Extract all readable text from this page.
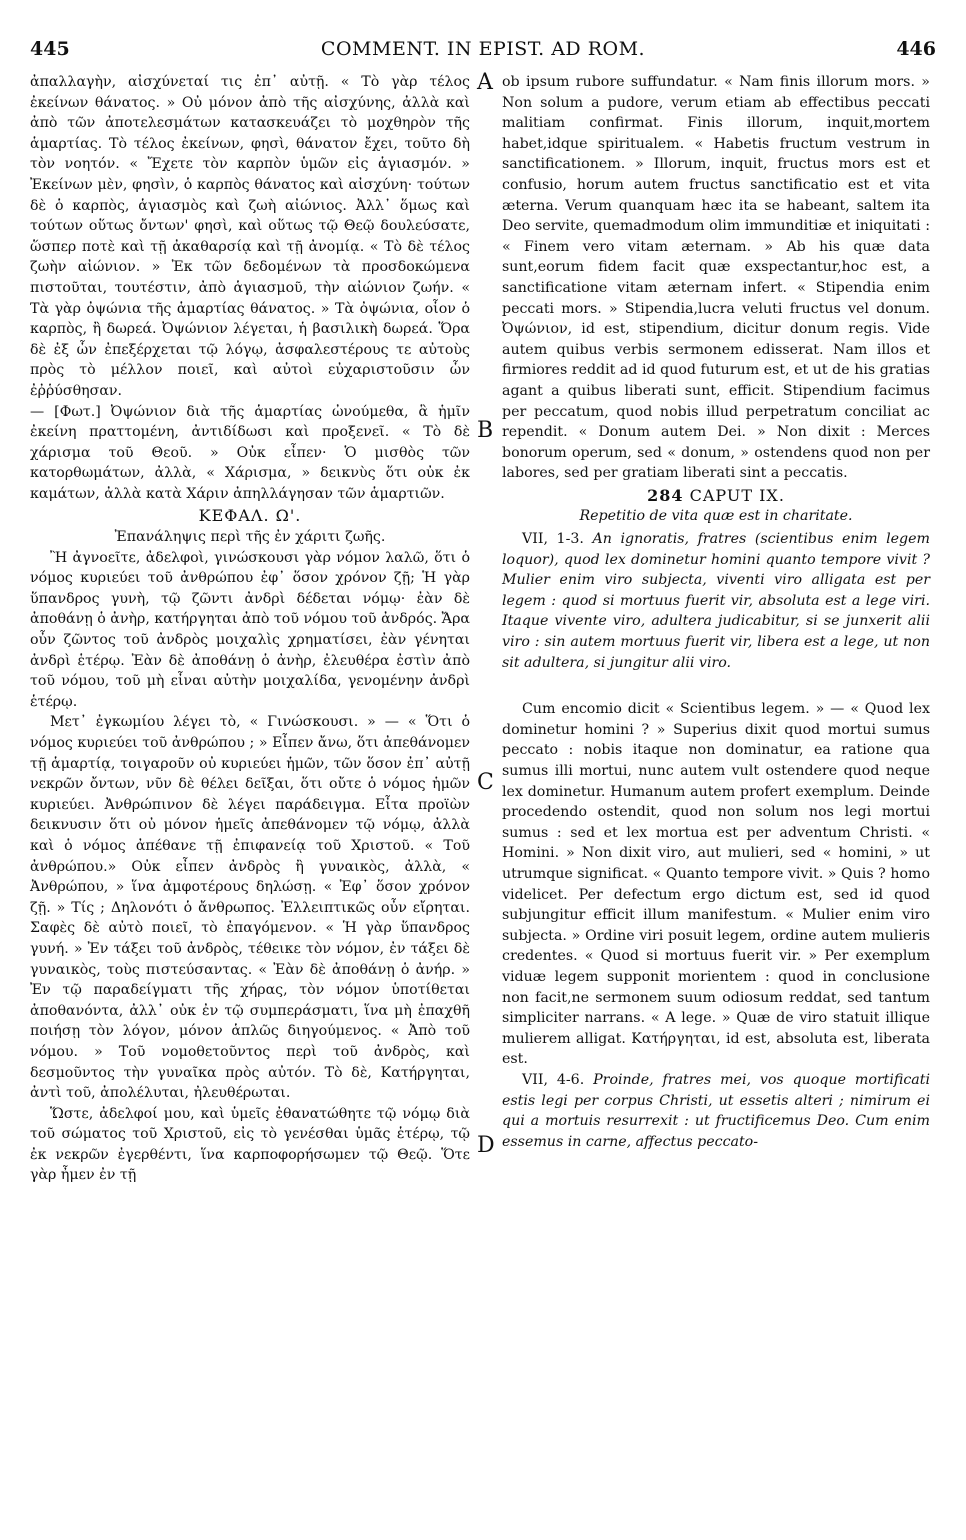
445	COMMENT. IN EPIST. AD ROM.	446
A
B
C
D

ἀπαλλαγὴν, αἰσχύνεταί τις ἐπ᾽ αὐτῇ. « Τὸ γὰρ τέλος ἐκείνων θάνατος. » Οὐ μόνον ἀπὸ τῆς αἰσχύνης, ἀλλὰ καὶ ἀπὸ τῶν ἀποτελεσμάτων κατασκευάζει τὸ μοχθηρὸν τῆς ἁμαρτίας. Τὸ τέλος ἐκείνων, φησὶ, θάνατον ἔχει, τοῦτο δὴ τὸν νοητόν. « Ἔχετε τὸν καρπὸν ὑμῶν εἰς ἁγιασμόν. » Ἐκείνων μὲν, φησὶν, ὁ καρπὸς θάνατος καὶ αἰσχύνη· τούτων δὲ ὁ καρπὸς, ἁγιασμὸς καὶ ζωὴ αἰώνιος. Ἀλλ᾽ ὅμως καὶ τούτων οὕτως ὄντων' φησὶ, καὶ οὕτως τῷ Θεῷ δουλεύσατε, ὥσπερ ποτὲ καὶ τῇ ἀκαθαρσίᾳ καὶ τῇ ἀνομίᾳ. « Τὸ δὲ τέλος ζωὴν αἰώνιον. » Ἐκ τῶν δεδομένων τὰ προσδοκώμενα πιστοῦται, τουτέστιν, ἀπὸ ἁγιασμοῦ, τὴν αἰώνιον ζωήν. « Τὰ γὰρ ὀψώνια τῆς ἁμαρτίας θάνατος. » Τὰ ὀψώνια, οἷον ὁ καρπὸς, ἢ δωρεά. Ὀψώνιον λέγεται, ἡ βασιλικὴ δωρεά. Ὅρα δὲ ἐξ ὧν ἐπεξέρχεται τῷ λόγῳ, ἀσφαλεστέρους τε αὐτοὺς πρὸς τὸ μέλλον ποιεῖ, καὶ αὐτοὶ εὐχαριστοῦσιν ὧν ἐῤῥύσθησαν.

— [Φωτ.] Ὀψώνιον διὰ τῆς ἁμαρτίας ὠνούμεθα, ἃ ἡμῖν ἐκείνη πραττομένη, ἀντιδίδωσι καὶ προξενεῖ. « Τὸ δὲ χάρισμα τοῦ Θεοῦ. » Οὐκ εἶπεν· Ὁ μισθὸς τῶν κατορθωμάτων, ἀλλὰ, « Χάρισμα, » δεικνὺς ὅτι οὐκ ἐκ καμάτων, ἀλλὰ κατὰ Χάριν ἀπηλλάγησαν τῶν ἁμαρτιῶν.

ΚΕΦΑΛ. Ω'.
Ἐπανάληψις περὶ τῆς ἐν χάριτι ζωῆς.

Ἢ ἀγνοεῖτε, ἀδελφοὶ, γινώσκουσι γὰρ νόμον λαλῶ, ὅτι ὁ νόμος κυριεύει τοῦ ἀνθρώπου ἐφ᾽ ὅσον χρόνον ζῇ; Ἡ γὰρ ὕπανδρος γυνὴ, τῷ ζῶντι ἀνδρὶ δέδεται νόμῳ· ἐὰν δὲ ἀποθάνῃ ὁ ἀνὴρ, κατήργηται ἀπὸ τοῦ νόμου τοῦ ἀνδρός. Ἄρα οὖν ζῶντος τοῦ ἀνδρὸς μοιχαλὶς χρηματίσει, ἐὰν γένηται ἀνδρὶ ἑτέρῳ. Ἐὰν δὲ ἀποθάνῃ ὁ ἀνὴρ, ἐλευθέρα ἐστὶν ἀπὸ τοῦ νόμου, τοῦ μὴ εἶναι αὐτὴν μοιχαλίδα, γενομένην ἀνδρὶ ἑτέρῳ.

Μετ᾽ ἐγκωμίου λέγει τὸ, « Γινώσκουσι. » — « Ὅτι ὁ νόμος κυριεύει τοῦ ἀνθρώπου ; » Εἶπεν ἄνω, ὅτι ἀπεθάνομεν τῇ ἁμαρτίᾳ, τοιγαροῦν οὐ κυριεύει ἡμῶν, τῶν ὅσον ἐπ᾽ αὐτῇ νεκρῶν ὄντων, νῦν δὲ θέλει δεῖξαι, ὅτι οὔτε ὁ νόμος ἡμῶν κυριεύει. Ἀνθρώπινον δὲ λέγει παράδειγμα. Εἶτα προϊὼν δεικνυσιν ὅτι οὐ μόνον ἡμεῖς ἀπεθάνομεν τῷ νόμῳ, ἀλλὰ καὶ ὁ νόμος ἀπέθανε τῇ ἐπιφανείᾳ τοῦ Χριστοῦ. « Τοῦ ἀνθρώπου.» Οὐκ εἶπεν ἀνδρὸς ἢ γυναικὸς, ἀλλὰ, « Ἀνθρώπου, » ἵνα ἀμφοτέρους δηλώσῃ. « Ἐφ᾽ ὅσον χρόνον ζῇ. » Τίς ; Δηλονότι ὁ ἄνθρωπος. Ἐλλειπτικῶς οὖν εἴρηται. Σαφὲς δὲ αὐτὸ ποιεῖ, τὸ ἐπαγόμενον. « Ἡ γὰρ ὕπανδρος γυνή. » Ἐν τάξει τοῦ ἀνδρὸς, τέθεικε τὸν νόμον, ἐν τάξει δὲ γυναικὸς, τοὺς πιστεύσαντας. « Ἐὰν δὲ ἀποθάνῃ ὁ ἀνήρ. » Ἐν τῷ παραδείγματι τῆς χήρας, τὸν νόμον ὑποτίθεται ἀποθανόντα, ἀλλ᾽ οὐκ ἐν τῷ συμπεράσματι, ἵνα μὴ ἐπαχθῆ ποιήσῃ τὸν λόγον, μόνον ἁπλῶς διηγούμενος. « Ἀπὸ τοῦ νόμου. » Τοῦ νομοθετοῦντος περὶ τοῦ ἀνδρὸς, καὶ δεσμοῦντος τὴν γυναῖκα πρὸς αὐτόν. Τὸ δὲ, Κατήργηται, ἀντὶ τοῦ, ἀπολέλυται, ἠλευθέρωται.

Ὥστε, ἀδελφοί μου, καὶ ὑμεῖς ἐθανατώθητε τῷ νόμῳ διὰ τοῦ σώματος τοῦ Χριστοῦ, εἰς τὸ γενέσθαι ὑμᾶς ἑτέρῳ, τῷ ἐκ νεκρῶν ἐγερθέντι, ἵνα καρποφορήσωμεν τῷ Θεῷ. Ὅτε γὰρ ἦμεν ἐν τῇ

ob ipsum rubore suffundatur. « Nam finis illorum mors. » Non solum a pudore, verum etiam ab effectibus peccati malitiam confirmat. Finis illorum, inquit,mortem habet,idque spiritualem. « Habetis fructum vestrum in sanctificationem. » Illorum, inquit, fructus mors est et confusio, horum autem fructus sanctificatio est et vita æterna. Verum quanquam hæc ita se habeant, saltem ita Deo servite, quemadmodum olim immunditiæ et iniquitati : « Finem vero vitam æternam. » Ab his quæ data sunt,eorum fidem facit quæ exspectantur,hoc est, a sanctificatione vitam æternam infert. « Stipendia enim peccati mors. » Stipendia,lucra veluti fructus vel donum. Ὀψώνιον, id est, stipendium, dicitur donum regis. Vide autem quibus verbis sermonem edisserat. Nam illos et firmiores reddit ad id quod futurum est, et ut de his gratias agant a quibus liberati sunt, efficit. Stipendium facimus per peccatum, quod nobis illud perpetratum conciliat ac rependit. « Donum autem Dei. » Non dixit : Merces bonorum operum, sed « donum, » ostendens quod non per labores, sed per gratiam liberati sint a peccatis.

284 CAPUT IX.
Repetitio de vita quæ est in charitate.

VII, 1-3. An ignoratis, fratres (scientibus enim legem loquor), quod lex dominetur homini quanto tempore vivit ? Mulier enim viro subjecta, viventi viro alligata est per legem : quod si mortuus fuerit vir, absoluta est a lege viri. Itaque vivente viro, adultera judicabitur, si se junxerit alii viro : sin autem mortuus fuerit vir, libera est a lege, ut non sit adultera, si jungitur alii viro.

Cum encomio dicit « Scientibus legem. » — « Quod lex dominetur homini ? » Superius dixit quod mortui sumus peccato : nobis itaque non dominatur, ea ratione qua sumus illi mortui, nunc autem vult ostendere quod neque lex dominetur. Humanum autem profert exemplum. Deinde procedendo ostendit, quod non solum nos legi mortui sumus : sed et lex mortua est per adventum Christi. « Homini. » Non dixit viro, aut mulieri, sed « homini, » ut utrumque significat. « Quanto tempore vivit. » Quis ? homo videlicet. Per defectum ergo dictum est, sed id quod subjungitur efficit illum manifestum. « Mulier enim viro subjecta. » Ordine viri posuit legem, ordine autem mulieris credentes. « Quod si mortuus fuerit vir. » Per exemplum viduæ legem supponit morientem : quod in conclusione non facit,ne sermonem suum odiosum reddat, sed tantum simpliciter narrans. « A lege. » Quæ de viro statuit illique mulierem alligat. Κατήργηται, id est, absoluta est, liberata est.

VII, 4-6. Proinde, fratres mei, vos quoque mortificati estis legi per corpus Christi, ut essetis alteri ; nimirum ei qui a mortuis resurrexit : ut fructificemus Deo. Cum enim essemus in carne, affectus peccato-
